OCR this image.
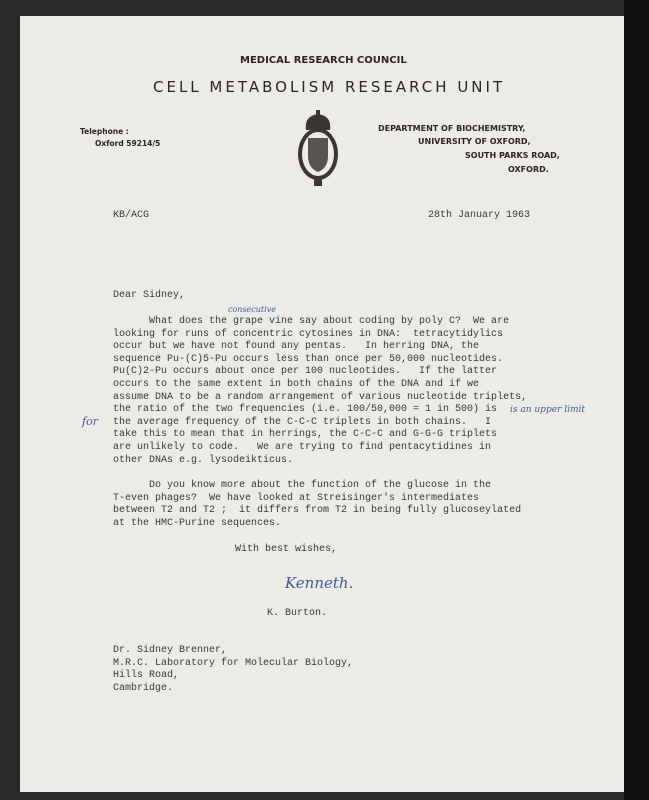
MEDICAL RESEARCH COUNCIL
CELL METABOLISM RESEARCH UNIT
Telephone :
Oxford 59214/5
DEPARTMENT OF BIOCHEMISTRY,
UNIVERSITY OF OXFORD,
SOUTH PARKS ROAD,
OXFORD.
KB/ACG	28th January 1963
Dear Sidney,
What does the grape vine say about coding by poly C?  We are
looking for runs of concentric cytosines in DNA:  tetracytidylics
occur but we have not found any pentas.   In herring DNA, the
sequence Pu-(C)5-Pu occurs less than once per 50,000 nucleotides.
Pu(C)2-Pu occurs about once per 100 nucleotides.   If the latter
occurs to the same extent in both chains of the DNA and if we
assume DNA to be a random arrangement of various nucleotide triplets,
the ratio of the two frequencies (i.e. 100/50,000 = 1 in 500) is
the average frequency of the C-C-C triplets in both chains.   I
take this to mean that in herrings, the C-C-C and G-G-G triplets
are unlikely to code.   We are trying to find pentacytidines in
other DNAs e.g. lysodeikticus.
consecutive
is an upper limit
for
Do you know more about the function of the glucose in the
T-even phages?  We have looked at Streisinger's intermediates
between T2 and T2 ;  it differs from T2 in being fully glucoseylated
at the HMC-Purine sequences.
With best wishes,
Kenneth.
K. Burton.
Dr. Sidney Brenner,
M.R.C. Laboratory for Molecular Biology,
Hills Road,
Cambridge.
